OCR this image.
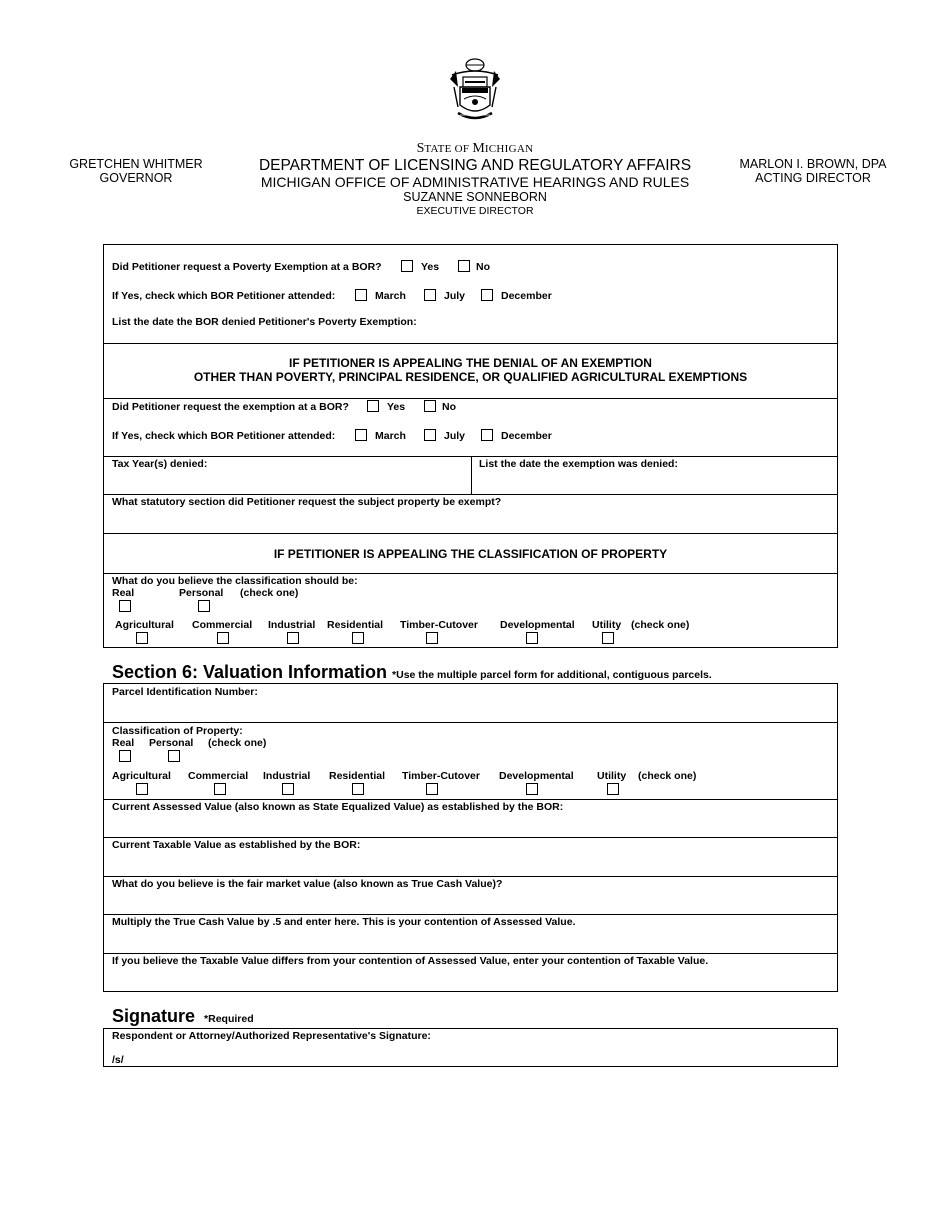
GRETCHEN WHITMER
GOVERNOR
STATE OF MICHIGAN
DEPARTMENT OF LICENSING AND REGULATORY AFFAIRS
MICHIGAN OFFICE OF ADMINISTRATIVE HEARINGS AND RULES
SUZANNE SONNEBORN
EXECUTIVE DIRECTOR
MARLON I. BROWN, DPA
ACTING DIRECTOR
Did Petitioner request a Poverty Exemption at a BOR?	Yes	No
If Yes, check which BOR Petitioner attended:	March	July	December
List the date the BOR denied Petitioner's Poverty Exemption:
IF PETITIONER IS APPEALING THE DENIAL OF AN EXEMPTION
OTHER THAN POVERTY, PRINCIPAL RESIDENCE, OR QUALIFIED AGRICULTURAL EXEMPTIONS
Did Petitioner request the exemption at a BOR?	Yes	No
If Yes, check which BOR Petitioner attended:	March	July	December
Tax Year(s) denied:	List the date the exemption was denied:
What statutory section did Petitioner request the subject property be exempt?
IF PETITIONER IS APPEALING THE CLASSIFICATION OF PROPERTY
What do you believe the classification should be:
Real	Personal (check one)
Agricultural Commercial Industrial Residential Timber-Cutover Developmental Utility (check one)
Section 6: Valuation Information *Use the multiple parcel form for additional, contiguous parcels.
Parcel Identification Number:
Classification of Property:
Real Personal (check one)
Agricultural Commercial Industrial Residential Timber-Cutover Developmental Utility (check one)
Current Assessed Value (also known as State Equalized Value) as established by the BOR:
Current Taxable Value as established by the BOR:
What do you believe is the fair market value (also known as True Cash Value)?
Multiply the True Cash Value by .5 and enter here. This is your contention of Assessed Value.
If you believe the Taxable Value differs from your contention of Assessed Value, enter your contention of Taxable Value.
Signature *Required
Respondent or Attorney/Authorized Representative's Signature:
/s/
